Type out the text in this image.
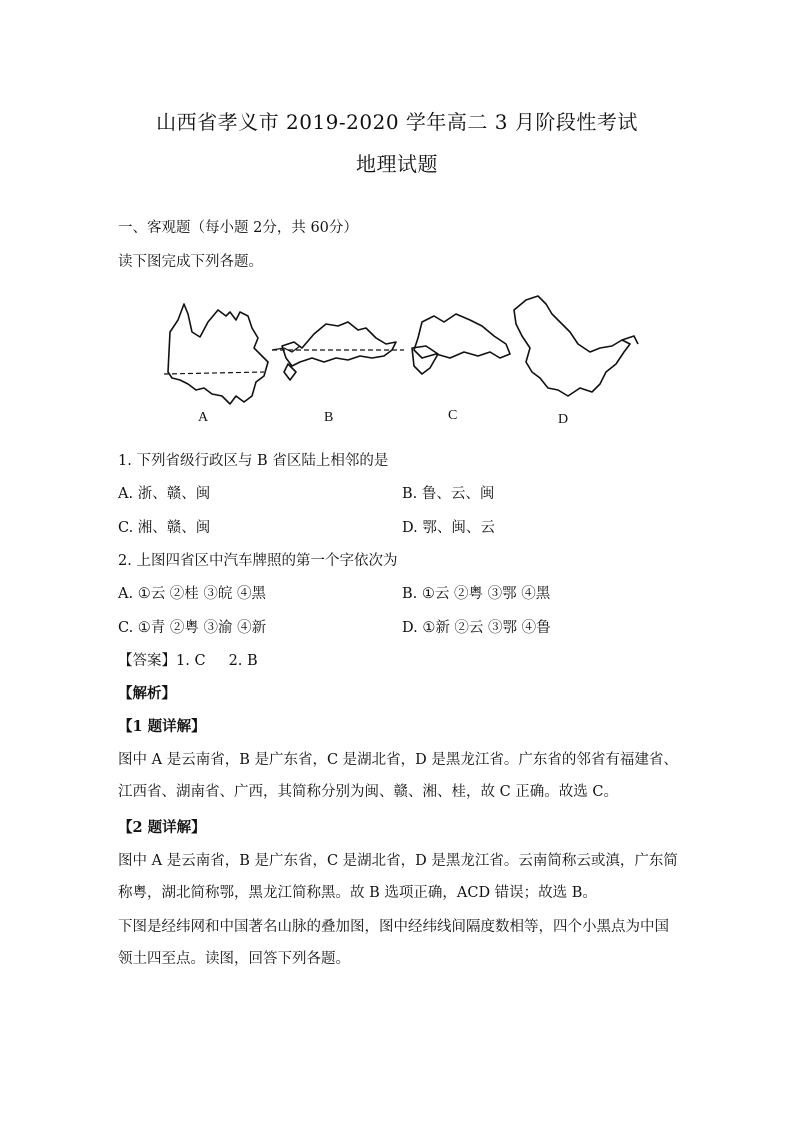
山西省孝义市 2019-2020 学年高二 3 月阶段性考试
地理试题
一、客观题（每小题 2分，共 60分）
读下图完成下列各题。
A	B	C	D
1. 下列省级行政区与 B 省区陆上相邻的是
A. 浙、赣、闽	B. 鲁、云、闽
C. 湘、赣、闽	D. 鄂、闽、云
2. 上图四省区中汽车牌照的第一个字依次为
A. ①云 ②桂 ③皖 ④黑	B. ①云 ②粤 ③鄂 ④黑
C. ①青 ②粤 ③渝 ④新	D. ①新 ②云 ③鄂 ④鲁
【答案】1. C     2. B
【解析】
【1 题详解】
图中 A 是云南省，B 是广东省，C 是湖北省，D 是黑龙江省。广东省的邻省有福建省、江西省、湖南省、广西，其简称分别为闽、赣、湘、桂，故 C 正确。故选 C。
【2 题详解】
图中 A 是云南省，B 是广东省，C 是湖北省，D 是黑龙江省。云南简称云或滇，广东简称粤，湖北简称鄂，黑龙江简称黑。故 B 选项正确，ACD 错误；故选 B。
下图是经纬网和中国著名山脉的叠加图，图中经纬线间隔度数相等，四个小黑点为中国领土四至点。读图，回答下列各题。
